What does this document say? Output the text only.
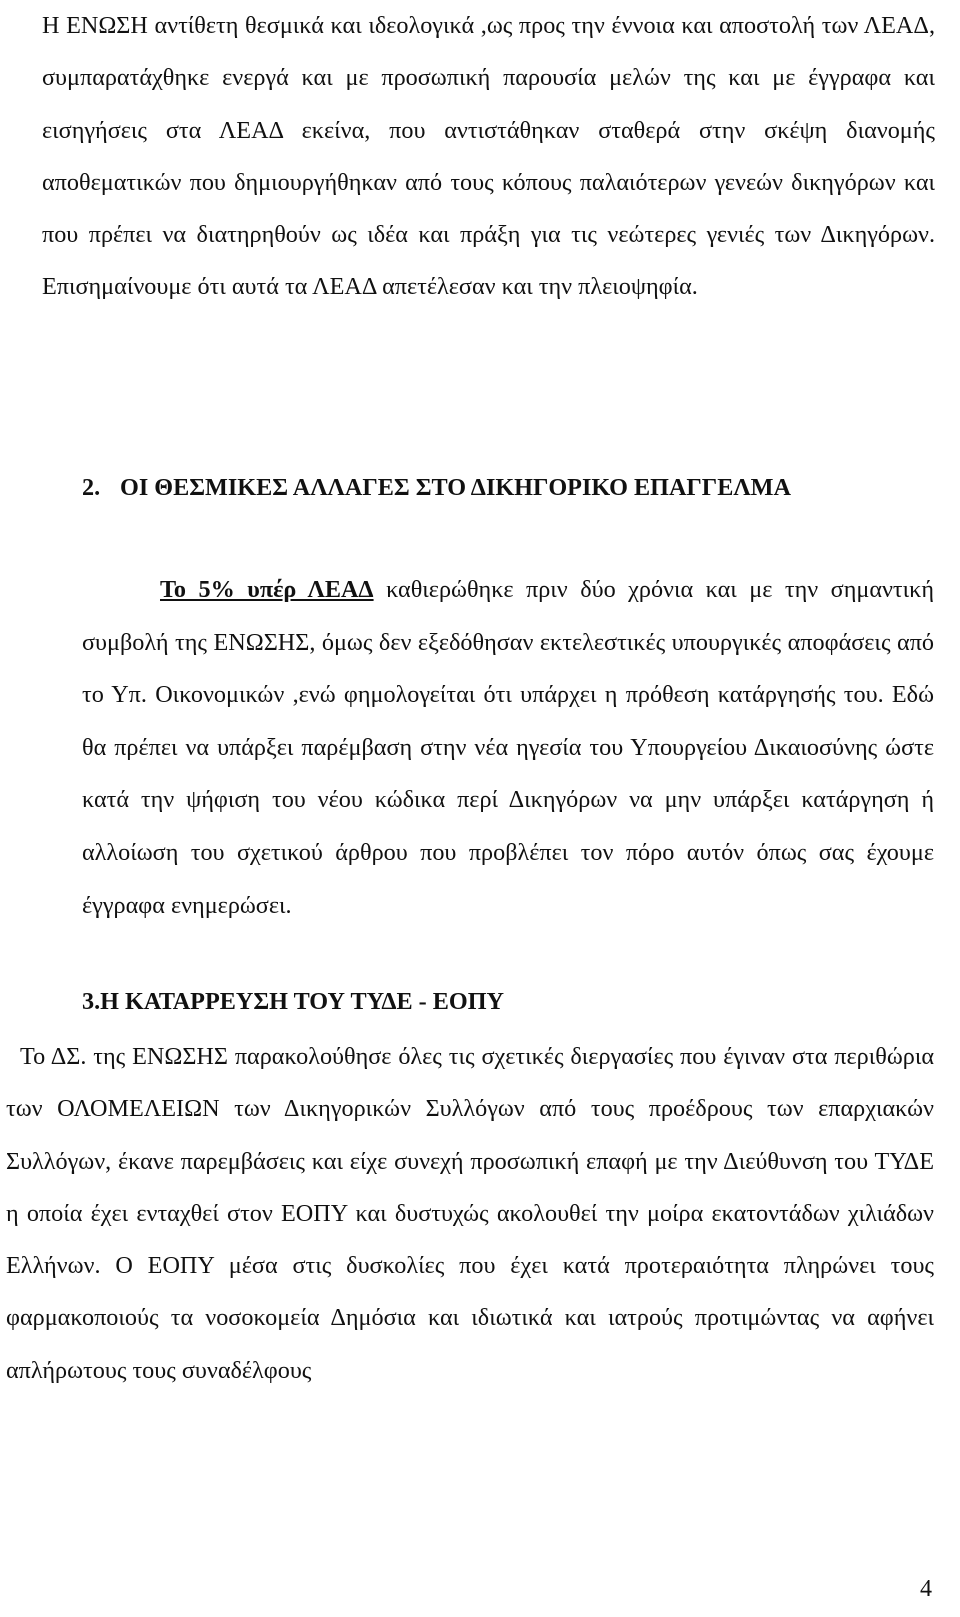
Η ΕΝΩΣΗ αντίθετη θεσμικά και ιδεολογικά ,ως προς την έννοια και αποστολή των ΛΕΑΔ, συμπαρατάχθηκε ενεργά και με προσωπική παρουσία μελών της και με έγγραφα και εισηγήσεις στα ΛΕΑΔ εκείνα, που αντιστάθηκαν σταθερά στην σκέψη διανομής αποθεματικών που δημιουργήθηκαν από τους κόπους παλαιότερων γενεών δικηγόρων και που πρέπει να διατηρηθούν ως ιδέα και πράξη για τις νεώτερες γενιές των Δικηγόρων. Επισημαίνουμε ότι αυτά τα ΛΕΑΔ απετέλεσαν και την πλειοψηφία.

2. ΟΙ ΘΕΣΜΙΚΕΣ ΑΛΛΑΓΕΣ ΣΤΟ ΔΙΚΗΓΟΡΙΚΟ ΕΠΑΓΓΕΛΜΑ

Το 5% υπέρ ΛΕΑΔ καθιερώθηκε πριν δύο χρόνια και με την σημαντική συμβολή της ΕΝΩΣΗΣ, όμως δεν εξεδόθησαν εκτελεστικές υπουργικές αποφάσεις από το Υπ. Οικονομικών ,ενώ φημολογείται ότι υπάρχει η πρόθεση κατάργησής του. Εδώ θα πρέπει να υπάρξει παρέμβαση στην νέα ηγεσία του Υπουργείου Δικαιοσύνης ώστε κατά την ψήφιση του νέου κώδικα περί Δικηγόρων να μην υπάρξει κατάργηση ή αλλοίωση του σχετικού άρθρου που προβλέπει τον πόρο αυτόν όπως σας έχουμε έγγραφα ενημερώσει.

3.Η ΚΑΤΑΡΡΕΥΣΗ ΤΟΥ ΤΥΔΕ - ΕΟΠΥ

Το ΔΣ. της ΕΝΩΣΗΣ παρακολούθησε όλες τις σχετικές διεργασίες που έγιναν στα περιθώρια των ΟΛΟΜΕΛΕΙΩΝ των Δικηγορικών Συλλόγων από τους προέδρους των επαρχιακών Συλλόγων, έκανε παρεμβάσεις και είχε συνεχή προσωπική επαφή με την Διεύθυνση του ΤΥΔΕ η οποία έχει ενταχθεί στον ΕΟΠΥ και δυστυχώς ακολουθεί την μοίρα εκατοντάδων χιλιάδων Ελλήνων. Ο ΕΟΠΥ μέσα στις δυσκολίες που έχει κατά προτεραιότητα πληρώνει τους φαρμακοποιούς τα νοσοκομεία Δημόσια και ιδιωτικά και ιατρούς προτιμώντας να αφήνει απλήρωτους τους συναδέλφους

4
